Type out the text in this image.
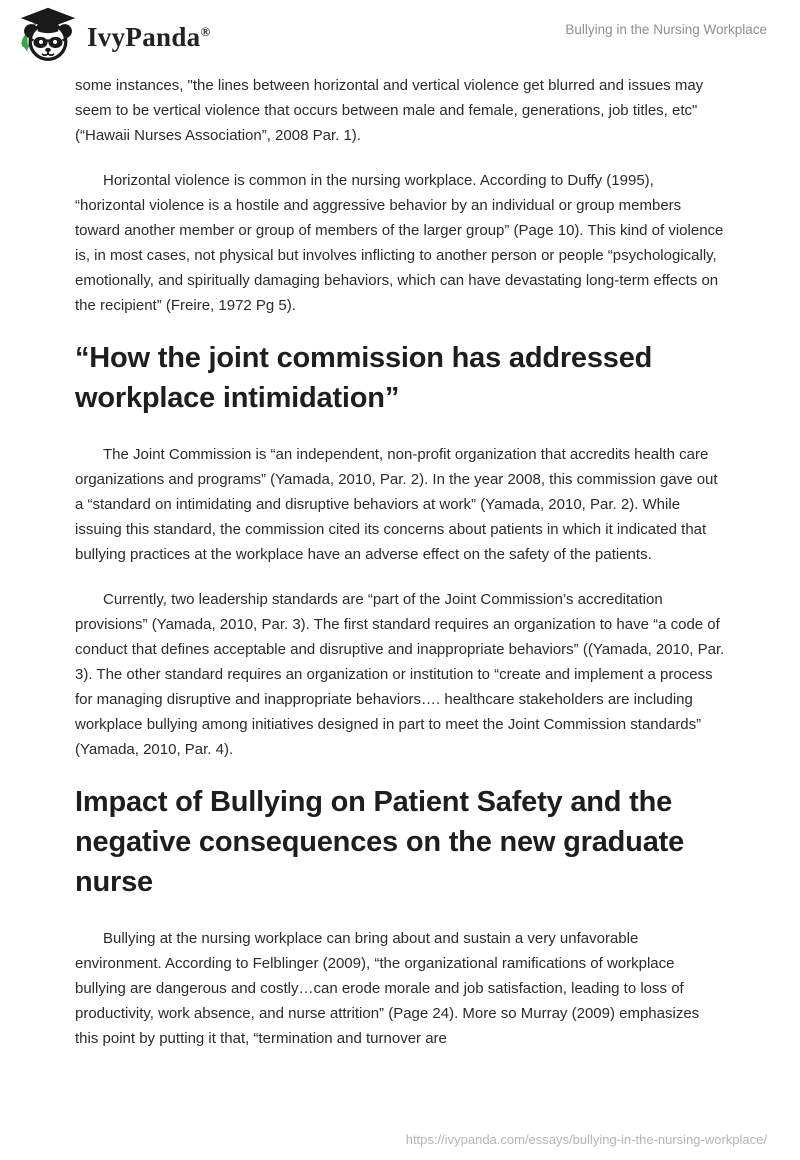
IvyPanda®	Bullying in the Nursing Workplace

some instances, "the lines between horizontal and vertical violence get blurred and issues may seem to be vertical violence that occurs between male and female, generations, job titles, etc" (“Hawaii Nurses Association”, 2008 Par. 1).

Horizontal violence is common in the nursing workplace. According to Duffy (1995), “horizontal violence is a hostile and aggressive behavior by an individual or group members toward another member or group of members of the larger group” (Page 10). This kind of violence is, in most cases, not physical but involves inflicting to another person or people “psychologically, emotionally, and spiritually damaging behaviors, which can have devastating long-term effects on the recipient” (Freire, 1972 Pg 5).

“How the joint commission has addressed workplace intimidation”

The Joint Commission is “an independent, non-profit organization that accredits health care organizations and programs” (Yamada, 2010, Par. 2). In the year 2008, this commission gave out a “standard on intimidating and disruptive behaviors at work” (Yamada, 2010, Par. 2). While issuing this standard, the commission cited its concerns about patients in which it indicated that bullying practices at the workplace have an adverse effect on the safety of the patients.

Currently, two leadership standards are “part of the Joint Commission’s accreditation provisions” (Yamada, 2010, Par. 3). The first standard requires an organization to have “a code of conduct that defines acceptable and disruptive and inappropriate behaviors” ((Yamada, 2010, Par. 3). The other standard requires an organization or institution to “create and implement a process for managing disruptive and inappropriate behaviors…. healthcare stakeholders are including workplace bullying among initiatives designed in part to meet the Joint Commission standards” (Yamada, 2010, Par. 4).

Impact of Bullying on Patient Safety and the negative consequences on the new graduate nurse

Bullying at the nursing workplace can bring about and sustain a very unfavorable environment. According to Felblinger (2009), “the organizational ramifications of workplace bullying are dangerous and costly…can erode morale and job satisfaction, leading to loss of productivity, work absence, and nurse attrition” (Page 24). More so Murray (2009) emphasizes this point by putting it that, “termination and turnover are

https://ivypanda.com/essays/bullying-in-the-nursing-workplace/
